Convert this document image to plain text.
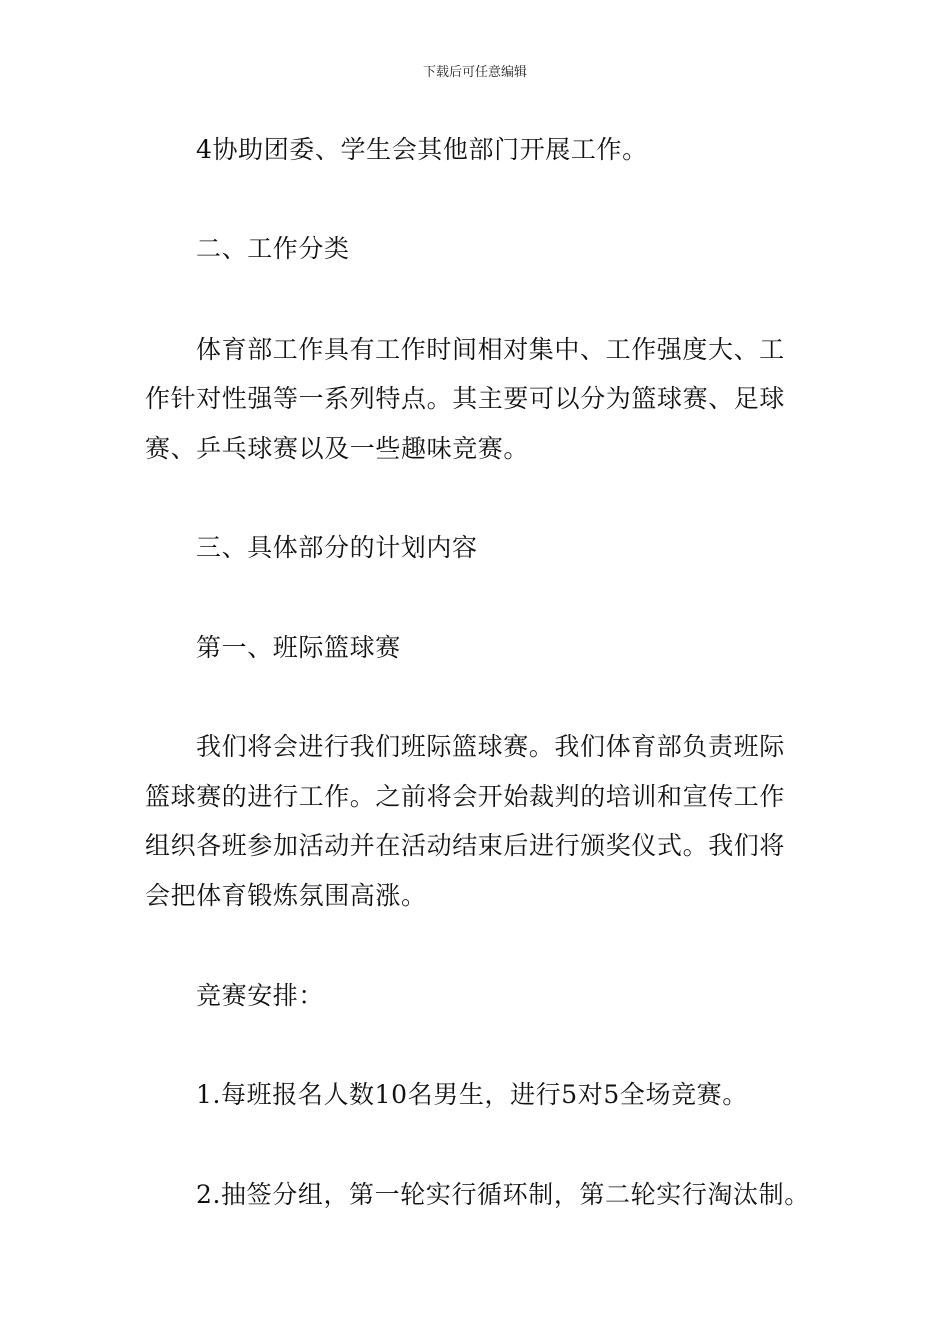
下载后可任意编辑
4协助团委、学生会其他部门开展工作。
二、工作分类
体育部工作具有工作时间相对集中、工作强度大、工
作针对性强等一系列特点。其主要可以分为篮球赛、足球
赛、乒乓球赛以及一些趣味竞赛。
三、具体部分的计划内容
第一、班际篮球赛
我们将会进行我们班际篮球赛。我们体育部负责班际
篮球赛的进行工作。之前将会开始裁判的培训和宣传工作
组织各班参加活动并在活动结束后进行颁奖仪式。我们将
会把体育锻炼氛围高涨。
竞赛安排：
1.每班报名人数10名男生，进行5对5全场竞赛。
2.抽签分组，第一轮实行循环制，第二轮实行淘汰制。
